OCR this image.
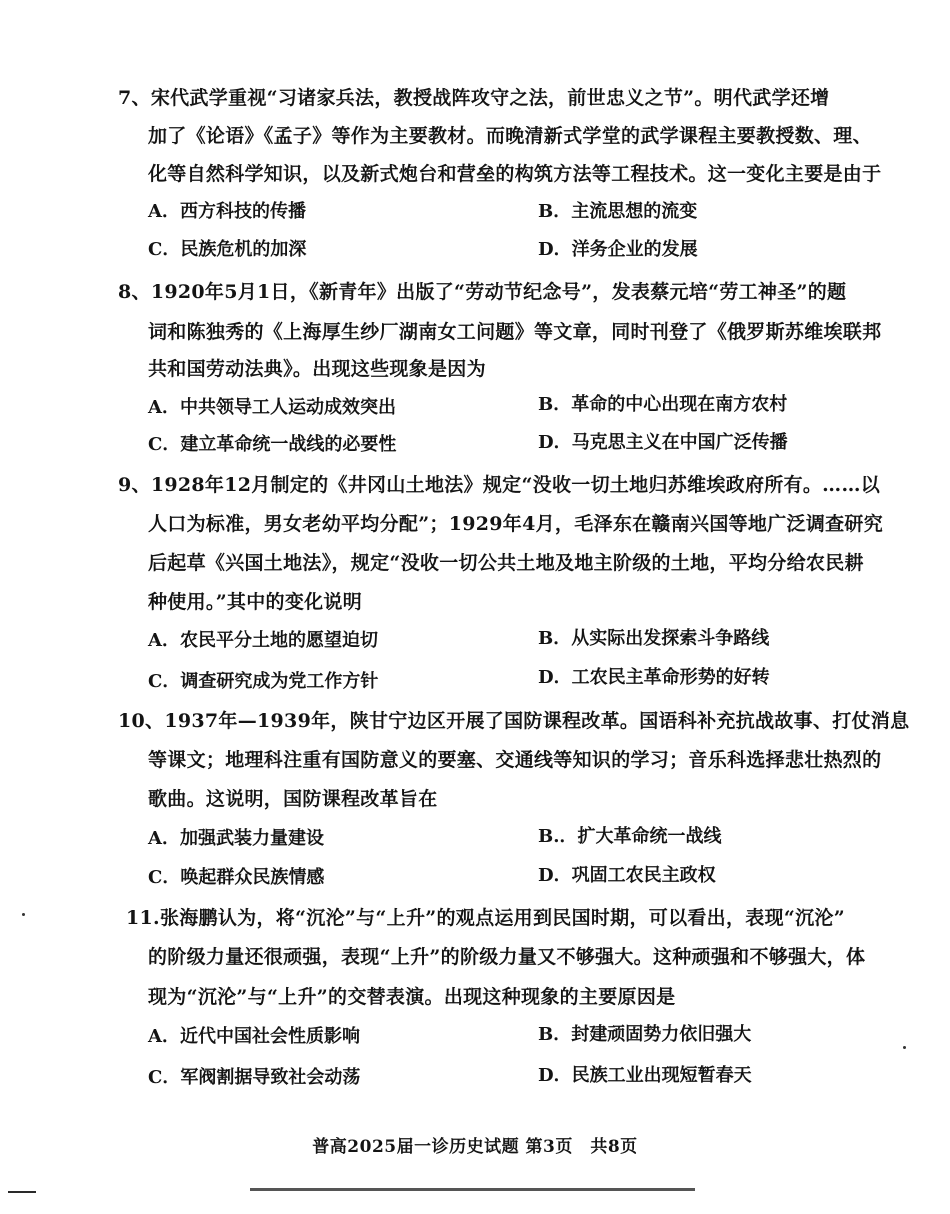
7、宋代武学重视“习诸家兵法，教授战阵攻守之法，前世忠义之节”。明代武学还增
加了《论语》《孟子》等作为主要教材。而晚清新式学堂的武学课程主要教授数、理、
化等自然科学知识，以及新式炮台和营垒的构筑方法等工程技术。这一变化主要是由于
A．西方科技的传播	B．主流思想的流变
C．民族危机的加深	D．洋务企业的发展
8、1920年5月1日，《新青年》出版了“劳动节纪念号”，发表蔡元培“劳工神圣”的题
词和陈独秀的《上海厚生纱厂湖南女工问题》等文章，同时刊登了《俄罗斯苏维埃联邦
共和国劳动法典》。出现这些现象是因为
A．中共领导工人运动成效突出	B．革命的中心出现在南方农村
C．建立革命统一战线的必要性	D．马克思主义在中国广泛传播
9、1928年12月制定的《井冈山土地法》规定“没收一切土地归苏维埃政府所有。……以
人口为标准，男女老幼平均分配”；1929年4月，毛泽东在赣南兴国等地广泛调查研究
后起草《兴国土地法》，规定“没收一切公共土地及地主阶级的土地，平均分给农民耕
种使用。”其中的变化说明
A．农民平分土地的愿望迫切	B．从实际出发探索斗争路线
C．调查研究成为党工作方针	D．工农民主革命形势的好转
10、1937年—1939年，陕甘宁边区开展了国防课程改革。国语科补充抗战故事、打仗消息
等课文；地理科注重有国防意义的要塞、交通线等知识的学习；音乐科选择悲壮热烈的
歌曲。这说明，国防课程改革旨在
A．加强武装力量建设	B.．扩大革命统一战线
C．唤起群众民族情感	D．巩固工农民主政权
11.张海鹏认为，将“沉沦”与“上升”的观点运用到民国时期，可以看出，表现“沉沦”
的阶级力量还很顽强，表现“上升”的阶级力量又不够强大。这种顽强和不够强大，体
现为“沉沦”与“上升”的交替表演。出现这种现象的主要原因是
A．近代中国社会性质影响	B．封建顽固势力依旧强大
C．军阀割据导致社会动荡	D．民族工业出现短暂春天
普高2025届一诊历史试题 第3页　共8页
